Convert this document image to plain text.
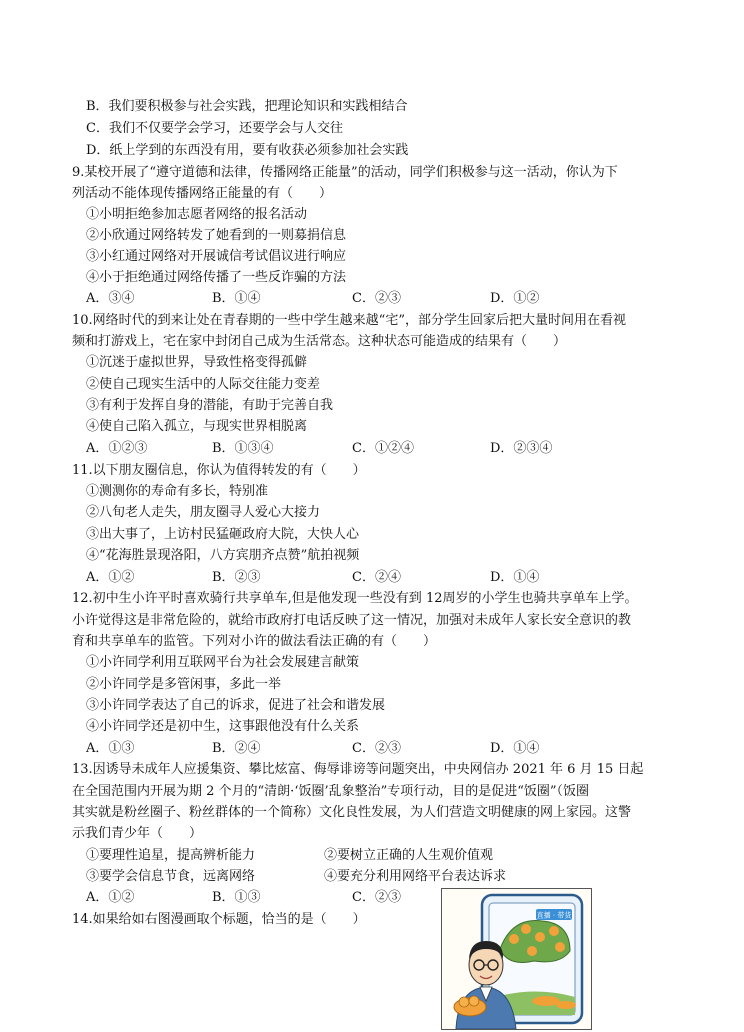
B．我们要积极参与社会实践，把理论知识和实践相结合
C．我们不仅要学会学习，还要学会与人交往
D．纸上学到的东西没有用，要有收获必须参加社会实践
9.某校开展了“遵守道德和法律，传播网络正能量”的活动，同学们积极参与这一活动，你认为下
列活动不能体现传播网络正能量的有（　　）
①小明拒绝参加志愿者网络的报名活动
②小欣通过网络转发了她看到的一则募捐信息
③小红通过网络对开展诚信考试倡议进行响应
④小于拒绝通过网络传播了一些反诈骗的方法
A．③④	B．①④	C．②③	D．①②
10.网络时代的到来让处在青春期的一些中学生越来越“宅”，部分学生回家后把大量时间用在看视
频和打游戏上，宅在家中封闭自己成为生活常态。这种状态可能造成的结果有（　　）
①沉迷于虚拟世界，导致性格变得孤僻
②使自己现实生活中的人际交往能力变差
③有利于发挥自身的潜能，有助于完善自我
④使自己陷入孤立，与现实世界相脱离
A．①②③	B．①③④	C．①②④	D．②③④
11.以下朋友圈信息，你认为值得转发的有（　　）
①测测你的寿命有多长，特别准
②八旬老人走失，朋友圈寻人爱心大接力
③出大事了，上访村民猛砸政府大院，大快人心
④“花海胜景现洛阳，八方宾朋齐点赞”航拍视频
A．①②	B．②③	C．②④	D．①④
12.初中生小许平时喜欢骑行共享单车,但是他发现一些没有到 12周岁的小学生也骑共享单车上学。
小许觉得这是非常危险的，就给市政府打电话反映了这一情况，加强对未成年人家长安全意识的教
育和共享单车的监管。下列对小许的做法看法正确的有（　　）
①小许同学利用互联网平台为社会发展建言献策
②小许同学是多管闲事，多此一举
③小许同学表达了自己的诉求，促进了社会和谐发展
④小许同学还是初中生，这事跟他没有什么关系
A．①③	B．②④	C．②③	D．①④
13.因诱导未成年人应援集资、攀比炫富、侮辱诽谤等问题突出，中央网信办 2021 年 6 月 15 日起
在全国范围内开展为期 2 个月的“清朗·‘饭圈’乱象整治”专项行动，目的是促进“饭圈”（饭圈
其实就是粉丝圈子、粉丝群体的一个简称）文化良性发展，为人们营造文明健康的网上家园。这警
示我们青少年（　　）
①要理性追星，提高辨析能力	②要树立正确的人生观价值观
③要学会信息节食，远离网络	④要充分利用网络平台表达诉求
A．①②	B．①③	C．②③
14.如果给如右图漫画取个标题，恰当的是（　　）	直播 · 带货
